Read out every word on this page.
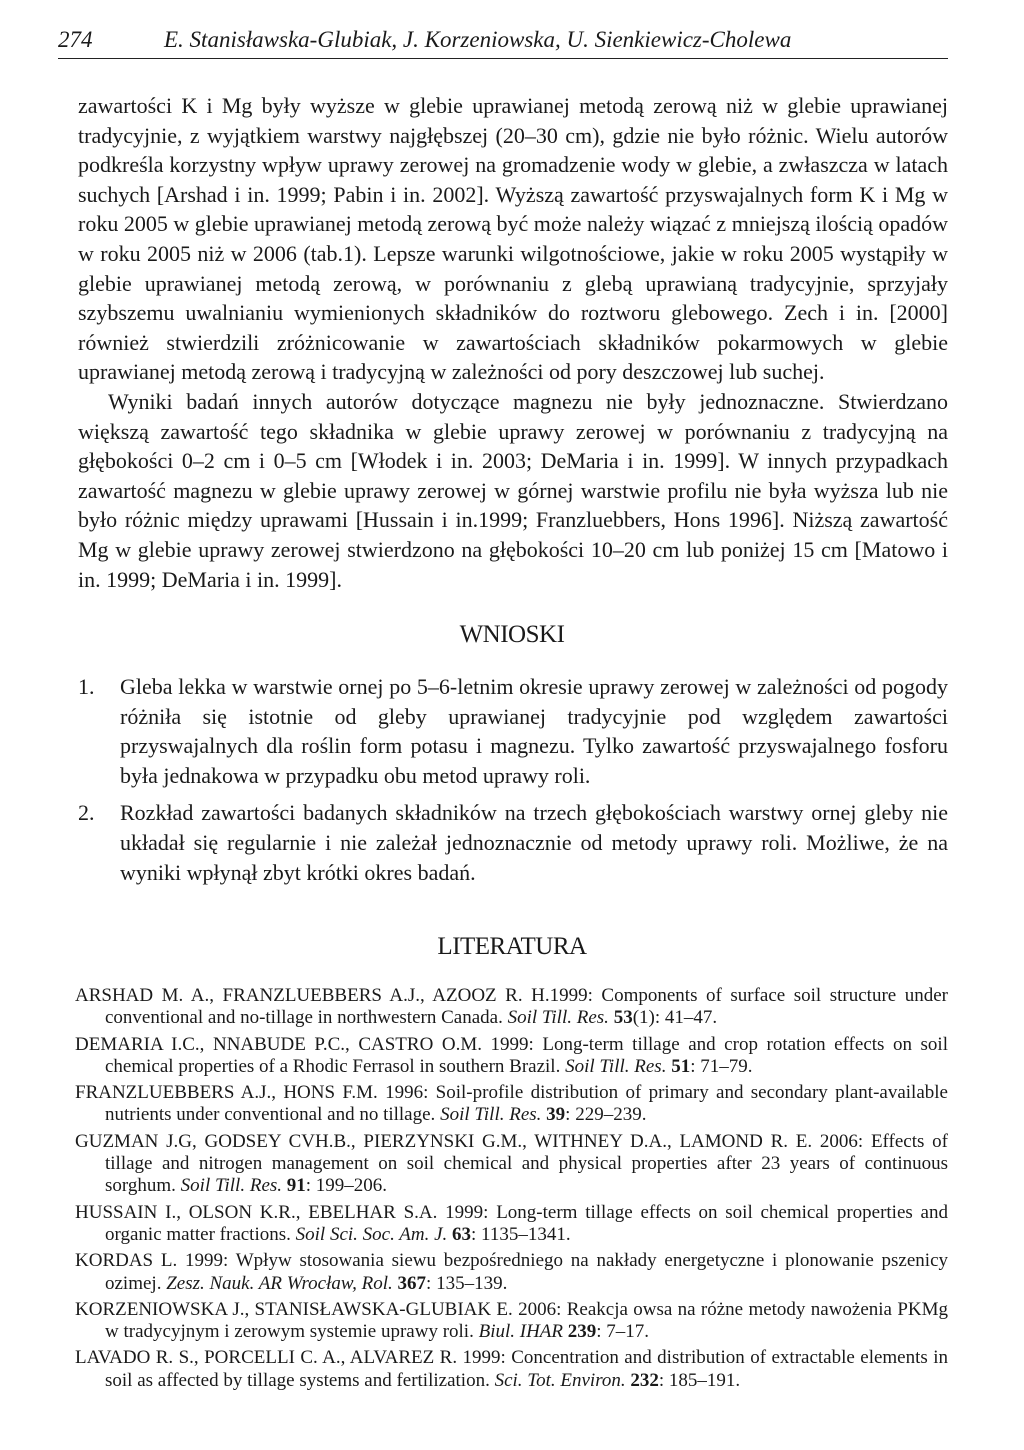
274	E. Stanisławska-Glubiak, J. Korzeniowska, U. Sienkiewicz-Cholewa

zawartości K i Mg były wyższe w glebie uprawianej metodą zerową niż w glebie uprawianej tradycyjnie, z wyjątkiem warstwy najgłębszej (20–30 cm), gdzie nie było różnic. Wielu autorów podkreśla korzystny wpływ uprawy zerowej na gromadzenie wody w glebie, a zwłaszcza w latach suchych [Arshad i in. 1999; Pabin i in. 2002]. Wyższą zawartość przyswajalnych form K i Mg w roku 2005 w glebie uprawianej metodą zerową być może należy wiązać z mniejszą ilością opadów w roku 2005 niż w 2006 (tab.1). Lepsze warunki wilgotnościowe, jakie w roku 2005 wystąpiły w glebie uprawianej metodą zerową, w porównaniu z glebą uprawianą tradycyjnie, sprzyjały szybszemu uwalnianiu wymienionych składników do roztworu glebowego. Zech i in. [2000] również stwierdzili zróżnicowanie w zawartościach składników pokarmowych w glebie uprawianej metodą zerową i tradycyjną w zależności od pory deszczowej lub suchej.

Wyniki badań innych autorów dotyczące magnezu nie były jednoznaczne. Stwierdzano większą zawartość tego składnika w glebie uprawy zerowej w porównaniu z tradycyjną na głębokości 0–2 cm i 0–5 cm [Włodek i in. 2003; DeMaria i in. 1999]. W innych przypadkach zawartość magnezu w glebie uprawy zerowej w górnej warstwie profilu nie była wyższa lub nie było różnic między uprawami [Hussain i in.1999; Franzluebbers, Hons 1996]. Niższą zawartość Mg w glebie uprawy zerowej stwierdzono na głębokości 10–20 cm lub poniżej 15 cm [Matowo i in. 1999; DeMaria i in. 1999].

WNIOSKI
1. Gleba lekka w warstwie ornej po 5–6-letnim okresie uprawy zerowej w zależności od pogody różniła się istotnie od gleby uprawianej tradycyjnie pod względem zawartości przyswajalnych dla roślin form potasu i magnezu. Tylko zawartość przyswajalnego fosforu była jednakowa w przypadku obu metod uprawy roli.
2. Rozkład zawartości badanych składników na trzech głębokościach warstwy ornej gleby nie układał się regularnie i nie zależał jednoznacznie od metody uprawy roli. Możliwe, że na wyniki wpłynął zbyt krótki okres badań.
LITERATURA
ARSHAD M. A., FRANZLUEBBERS A.J., AZOOZ R. H.1999: Components of surface soil structure under conventional and no-tillage in northwestern Canada. Soil Till. Res. 53(1): 41–47.
DEMARIA I.C., NNABUDE P.C., CASTRO O.M. 1999: Long-term tillage and crop rotation effects on soil chemical properties of a Rhodic Ferrasol in southern Brazil. Soil Till. Res. 51: 71–79.
FRANZLUEBBERS A.J., HONS F.M. 1996: Soil-profile distribution of primary and secondary plant-available nutrients under conventional and no tillage. Soil Till. Res. 39: 229–239.
GUZMAN J.G, GODSEY CVH.B., PIERZYNSKI G.M., WITHNEY D.A., LAMOND R. E. 2006: Effects of tillage and nitrogen management on soil chemical and physical properties after 23 years of continuous sorghum. Soil Till. Res. 91: 199–206.
HUSSAIN I., OLSON K.R., EBELHAR S.A. 1999: Long-term tillage effects on soil chemical properties and organic matter fractions. Soil Sci. Soc. Am. J. 63: 1135–1341.
KORDAS L. 1999: Wpływ stosowania siewu bezpośredniego na nakłady energetyczne i plonowanie pszenicy ozimej. Zesz. Nauk. AR Wrocław, Rol. 367: 135–139.
KORZENIOWSKA J., STANISŁAWSKA-GLUBIAK E. 2006: Reakcja owsa na różne metody nawożenia PKMg w tradycyjnym i zerowym systemie uprawy roli. Biul. IHAR 239: 7–17.
LAVADO R. S., PORCELLI C. A., ALVAREZ R. 1999: Concentration and distribution of extractable elements in soil as affected by tillage systems and fertilization. Sci. Tot. Environ. 232: 185–191.
